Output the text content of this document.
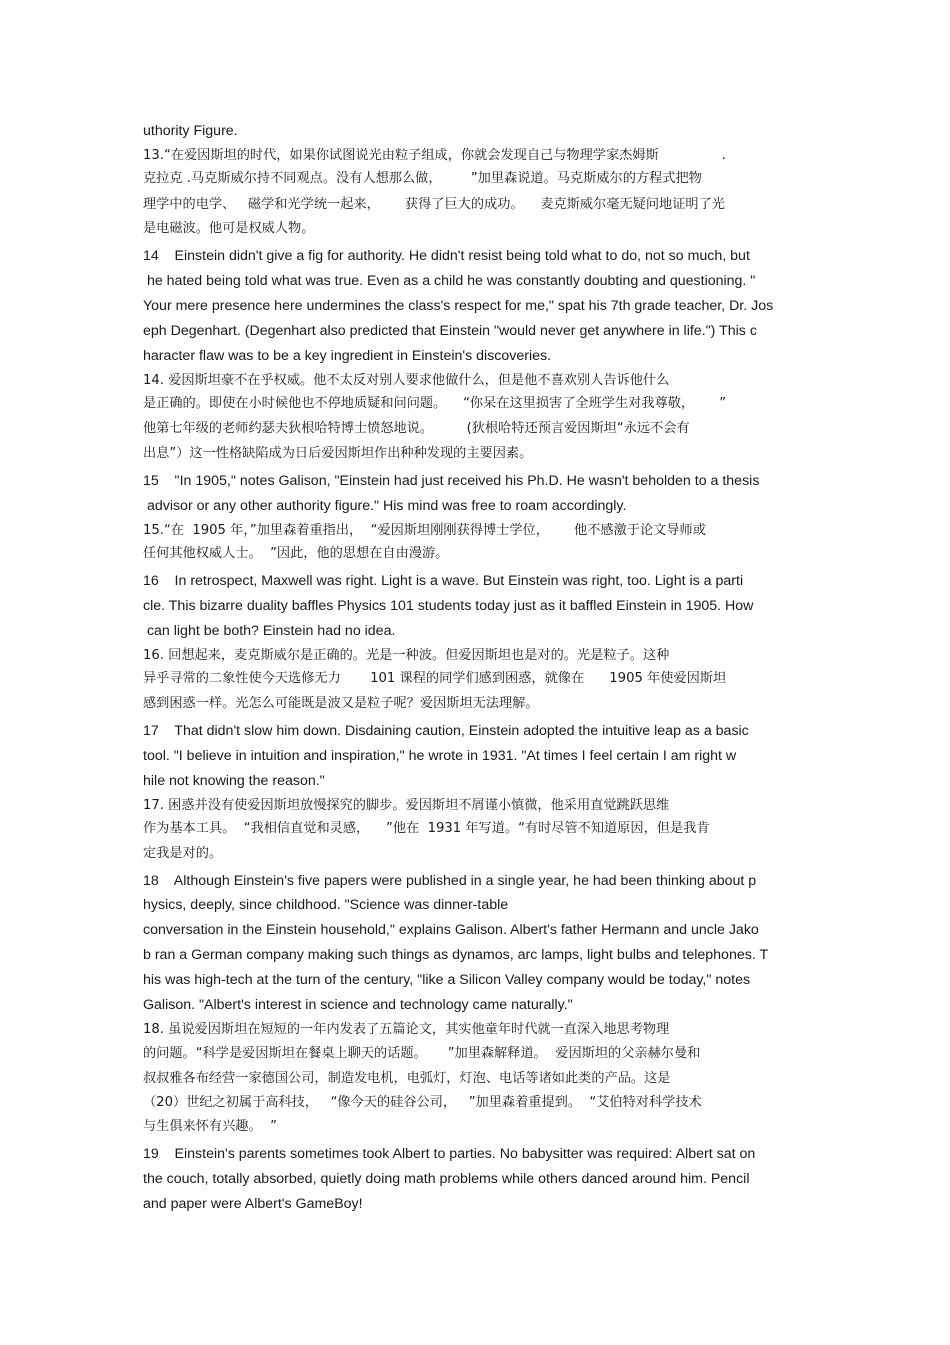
uthority Figure.
13.“在爱因斯坦的时代，如果你试图说光由粒子组成，你就会发现自己与物理学家杰姆斯               .
克拉克 .马克斯威尔持不同观点。没有人想那么做，       ”加里森说道。马克斯威尔的方程式把物
理学中的电学、   磁学和光学统一起来，      获得了巨大的成功。    麦克斯威尔毫无疑问地证明了光
是电磁波。他可是权威人物。
14    Einstein didn't give a fig for authority. He didn't resist being told what to do, not so much, but
he hated being told what was true. Even as a child he was constantly doubting and questioning. "
Your mere presence here undermines the class's respect for me," spat his 7th grade teacher, Dr. Jos
eph Degenhart. (Degenhart also predicted that Einstein "would never get anywhere in life.") This c
haracter flaw was to be a key ingredient in Einstein's discoveries.
14. 爱因斯坦豪不在乎权威。他不太反对别人要求他做什么，但是他不喜欢别人告诉他什么
是正确的。即使在小时候他也不停地质疑和问问题。    “你呆在这里损害了全班学生对我尊敬，      ”
他第七年级的老师约瑟夫狄根哈特博士愤怒地说。        (狄根哈特还预言爱因斯坦“永远不会有
出息”）这一性格缺陷成为日后爱因斯坦作出种种发现的主要因素。
15    "In 1905," notes Galison, "Einstein had just received his Ph.D. He wasn't beholden to a thesis
advisor or any other authority figure." His mind was free to roam accordingly.
15.“在  1905 年，”加里森着重指出，  “爱因斯坦刚刚获得博士学位，      他不感激于论文导师或
任何其他权威人士。  ”因此，他的思想在自由漫游。
16    In retrospect, Maxwell was right. Light is a wave. But Einstein was right, too. Light is a parti
cle. This bizarre duality baffles Physics 101 students today just as it baffled Einstein in 1905. How
can light be both? Einstein had no idea.
16. 回想起来，麦克斯威尔是正确的。光是一种波。但爱因斯坦也是对的。光是粒子。这种
异乎寻常的二象性使今天选修无力       101 课程的同学们感到困惑，就像在      1905 年使爱因斯坦
感到困惑一样。光怎么可能既是波又是粒子呢？爱因斯坦无法理解。
17    That didn't slow him down. Disdaining caution, Einstein adopted the intuitive leap as a basic
tool. "I believe in intuition and inspiration," he wrote in 1931. "At times I feel certain I am right w
hile not knowing the reason."
17. 困惑并没有使爱因斯坦放慢探究的脚步。爱因斯坦不屑谨小慎微，他采用直觉跳跃思维
作为基本工具。  “我相信直觉和灵感，    ”他在  1931 年写道。“有时尽管不知道原因，但是我肯
定我是对的。
18    Although Einstein's five papers were published in a single year, he had been thinking about p
hysics, deeply, since childhood. "Science was dinner-table
conversation in the Einstein household," explains Galison. Albert's father Hermann and uncle Jako
b ran a German company making such things as dynamos, arc lamps, light bulbs and telephones. T
his was high-tech at the turn of the century, "like a Silicon Valley company would be today," notes
Galison. "Albert's interest in science and technology came naturally."
18. 虽说爱因斯坦在短短的一年内发表了五篇论文，其实他童年时代就一直深入地思考物理
的问题。“科学是爱因斯坦在餐桌上聊天的话题。     ”加里森解释道。  爱因斯坦的父亲赫尔曼和
叔叔雅各布经营一家德国公司，制造发电机，电弧灯，灯泡、电话等诸如此类的产品。这是
（20）世纪之初属于高科技，   “像今天的硅谷公司，   ”加里森着重提到。  “艾伯特对科学技术
与生俱来怀有兴趣。  ”
19    Einstein's parents sometimes took Albert to parties. No babysitter was required: Albert sat on
the couch, totally absorbed, quietly doing math problems while others danced around him. Pencil
and paper were Albert's GameBoy!
